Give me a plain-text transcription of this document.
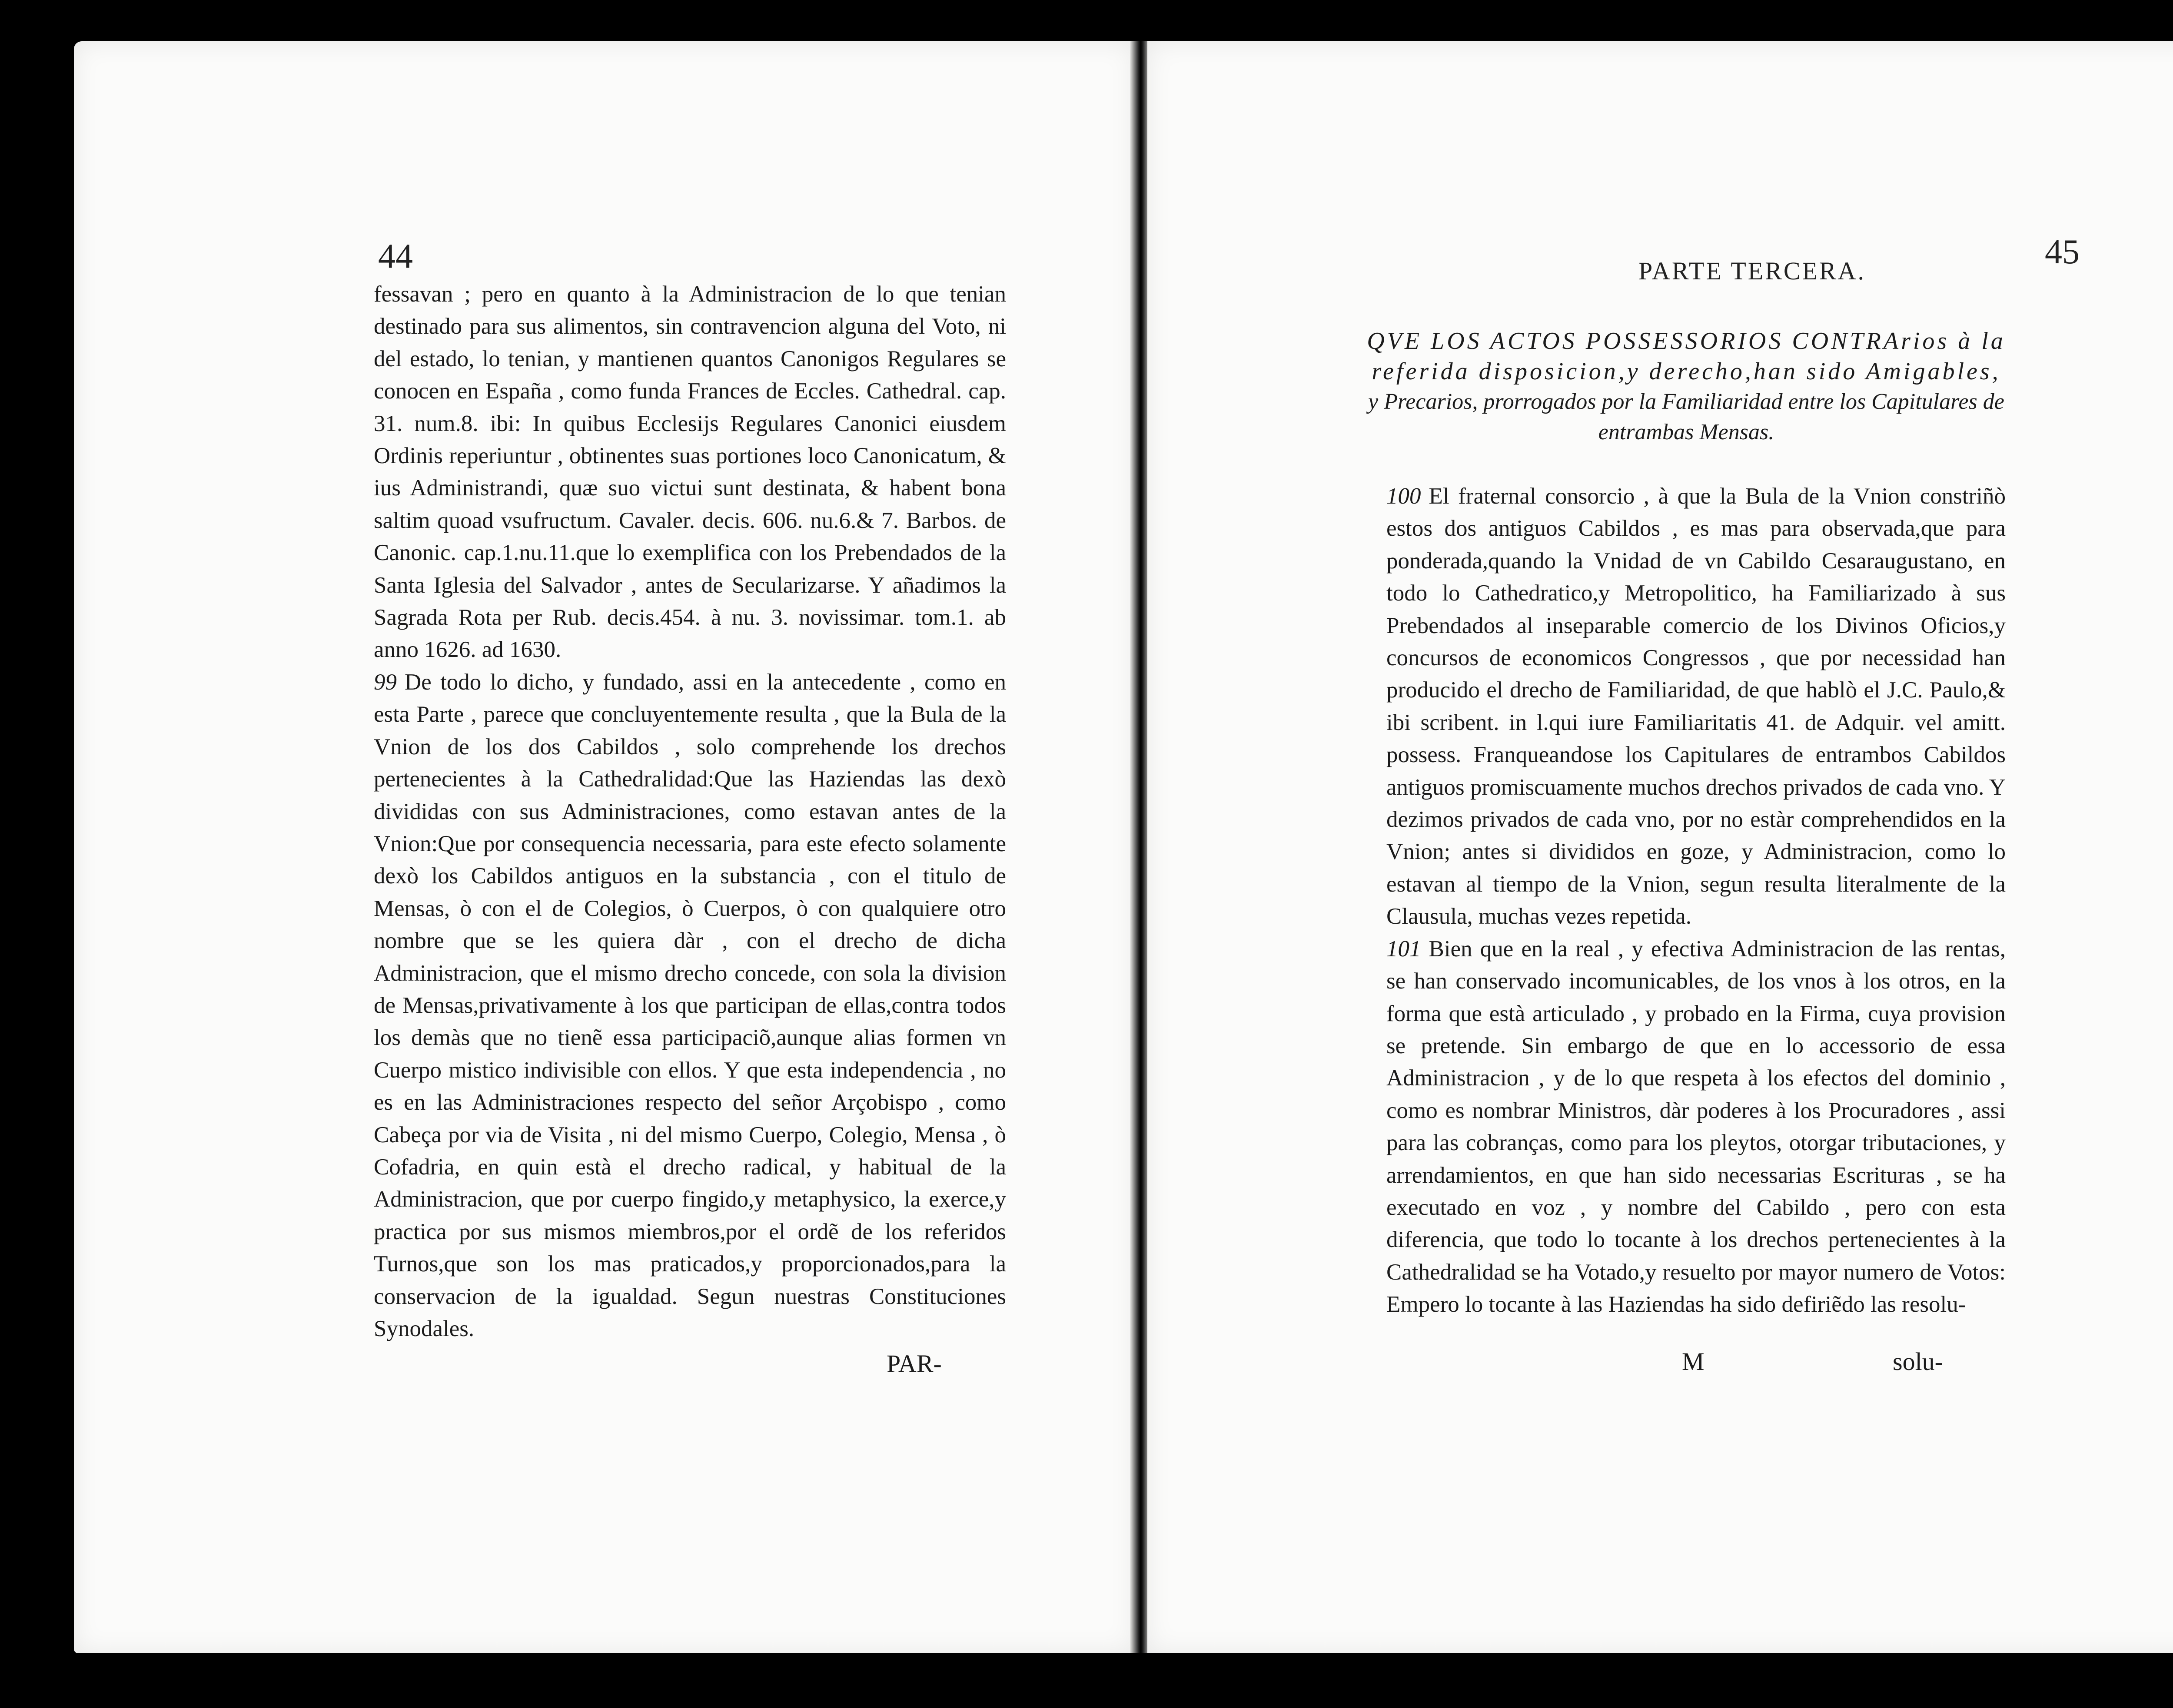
44

fessavan ; pero en quanto à la Administracion de lo que tenian destinado para sus alimentos, sin contravencion alguna del Voto, ni del estado, lo tenian, y mantienen quantos Canonigos Regulares se conocen en España , como funda Frances de Eccles. Cathedral. cap. 31. num.8. ibi: In quibus Ecclesijs Regulares Canonici eiusdem Ordinis reperiuntur , obtinentes suas portiones loco Canonicatum, & ius Administrandi, quæ suo victui sunt destinata, & habent bona saltim quoad vsufructum. Cavaler. decis. 606. nu.6.& 7. Barbos. de Canonic. cap.1.nu.11.que lo exemplifica con los Prebendados de la Santa Iglesia del Salvador , antes de Secularizarse. Y añadimos la Sagrada Rota per Rub. decis.454. à nu. 3. novissimar. tom.1. ab anno 1626. ad 1630.

99 De todo lo dicho, y fundado, assi en la antecedente , como en esta Parte , parece que concluyentemente resulta , que la Bula de la Vnion de los dos Cabildos , solo comprehende los drechos pertenecientes à la Cathedralidad:Que las Haziendas las dexò divididas con sus Administraciones, como estavan antes de la Vnion:Que por consequencia necessaria, para este efecto solamente dexò los Cabildos antiguos en la substancia , con el titulo de Mensas, ò con el de Colegios, ò Cuerpos, ò con qualquiere otro nombre que se les quiera dàr , con el drecho de dicha Administracion, que el mismo drecho concede, con sola la division de Mensas,privativamente à los que participan de ellas,contra todos los demàs que no tienẽ essa participaciõ,aunque alias formen vn Cuerpo mistico indivisible con ellos. Y que esta independencia , no es en las Administraciones respecto del señor Arçobispo , como Cabeça por via de Visita , ni del mismo Cuerpo, Colegio, Mensa , ò Cofadria, en quin està el drecho radical, y habitual de la Administracion, que por cuerpo fingido,y metaphysico, la exerce,y practica por sus mismos miembros,por el ordẽ de los referidos Turnos,que son los mas praticados,y proporcionados,para la conservacion de la igualdad. Segun nuestras Constituciones Synodales.

PAR-
PARTE TERCERA.	45
QVE LOS ACTOS POSSESSORIOS CONTRArios à la referida disposicion,y derecho,han sido Amigables,
y Precarios, prorrogados por la Familiaridad entre los Capitulares de entrambas Mensas.

100 El fraternal consorcio , à que la Bula de la Vnion constriñò estos dos antiguos Cabildos , es mas para observada,que para ponderada,quando la Vnidad de vn Cabildo Cesaraugustano, en todo lo Cathedratico,y Metropolitico, ha Familiarizado à sus Prebendados al inseparable comercio de los Divinos Oficios,y concursos de economicos Congressos , que por necessidad han producido el drecho de Familiaridad, de que hablò el J.C. Paulo,& ibi scribent. in l.qui iure Familiaritatis 41. de Adquir. vel amitt. possess. Franqueandose los Capitulares de entrambos Cabildos antiguos promiscuamente muchos drechos privados de cada vno. Y dezimos privados de cada vno, por no estàr comprehendidos en la Vnion; antes si divididos en goze, y Administracion, como lo estavan al tiempo de la Vnion, segun resulta literalmente de la Clausula, muchas vezes repetida.

101 Bien que en la real , y efectiva Administracion de las rentas, se han conservado incomunicables, de los vnos à los otros, en la forma que està articulado , y probado en la Firma, cuya provision se pretende. Sin embargo de que en lo accessorio de essa Administracion , y de lo que respeta à los efectos del dominio , como es nombrar Ministros, dàr poderes à los Procuradores , assi para las cobranças, como para los pleytos, otorgar tributaciones, y arrendamientos, en que han sido necessarias Escrituras , se ha executado en voz , y nombre del Cabildo , pero con esta diferencia, que todo lo tocante à los drechos pertenecientes à la Cathedralidad se ha Votado,y resuelto por mayor numero de Votos: Empero lo tocante à las Haziendas ha sido defiriẽdo las resolu-

M	solu-
